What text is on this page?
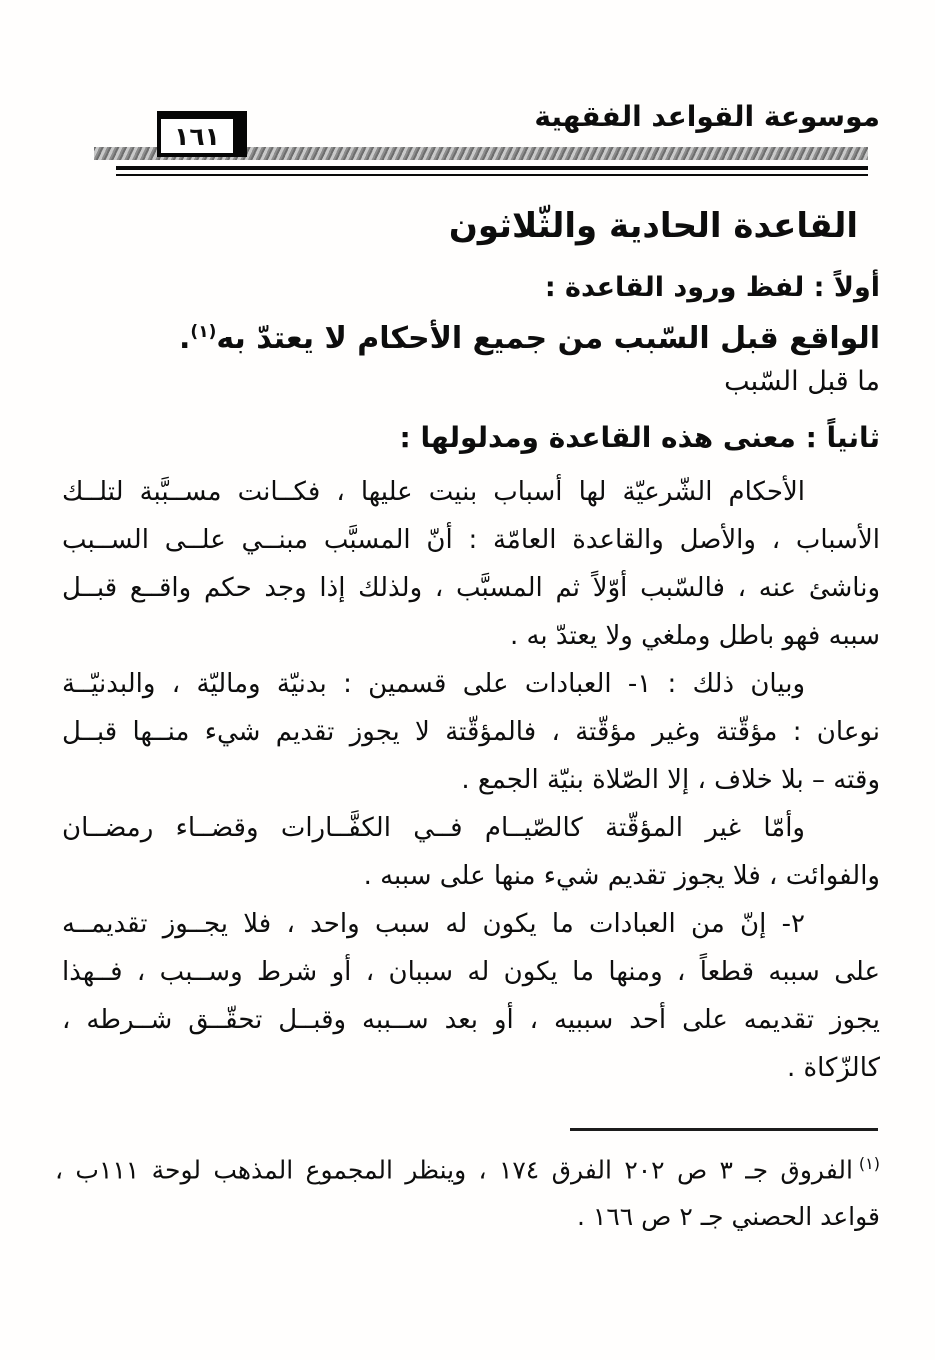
موسوعة القواعد الفقهية
١٦١
القاعدة الحادية والثّلاثون
أولاً : لفظ ورود القاعدة :
الواقع قبل السّبب من جميع الأحكام لا يعتدّ به$^{(١)}$.
ما قبل السّبب
ثانياً : معنى هذه القاعدة ومدلولها :
الأحكام الشّرعيّة لها أسباب بنيت عليها ، فكــانت مســبَّبة لتلــك
الأسباب ، والأصل والقاعدة العامّة : أنّ المسبَّب مبنــي علــى الســبب
وناشئ عنه ، فالسّبب أوّلاً ثم المسبَّب ، ولذلك إذا وجد حكم واقــع قبــل
سببه فهو باطل وملغي ولا يعتدّ به .
وبيان ذلك : ١- العبادات على قسمين : بدنيّة وماليّة ، والبدنيّــة
نوعان : مؤقّتة وغير مؤقّتة ، فالمؤقّتة لا يجوز تقديم شيء منــها قبــل
وقته – بلا خلاف ، إلا الصّلاة بنيّة الجمع .
وأمّا غير المؤقّتة كالصّيــام فــي الكفَّــارات وقضــاء رمضــان
والفوائت ، فلا يجوز تقديم شيء منها على سببه .
٢- إنّ من العبادات ما يكون له سبب واحد ، فلا يجــوز تقديمــه
على سببه قطعاً ، ومنها ما يكون له سببان ، أو شرط وســبب ، فــهذا
يجوز تقديمه على أحد سببيه ، أو بعد ســببه وقبــل تحقّــق شــرطه ،
كالزّكاة .
$^{(١)}$الفروق جـ ٣ ص ٢٠٢ الفرق ١٧٤ ، وينظر المجموع المذهب لوحة ١١١ب ،
قواعد الحصني جـ ٢ ص ١٦٦ .
